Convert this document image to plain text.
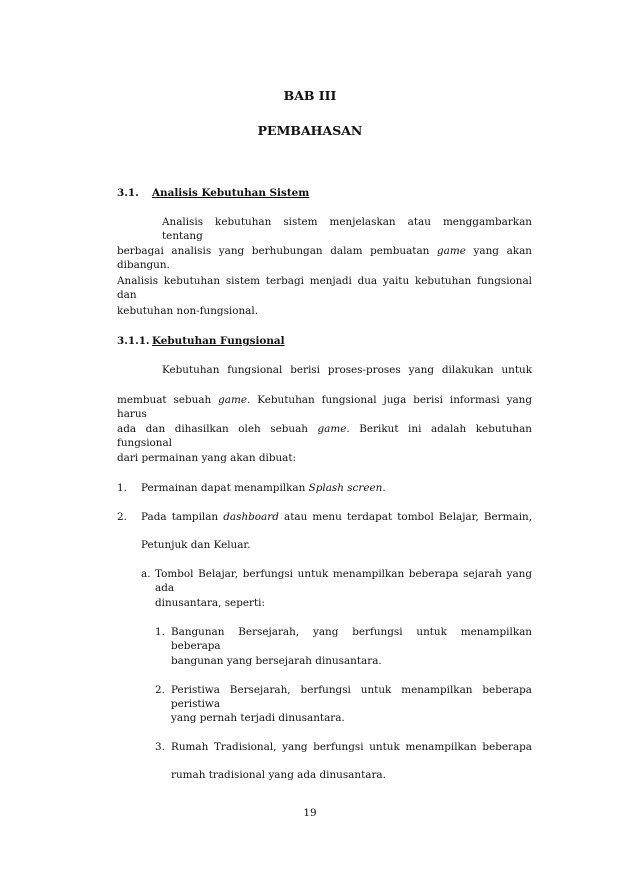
BAB III
PEMBAHASAN
3.1. Analisis Kebutuhan Sistem
Analisis kebutuhan sistem menjelaskan atau menggambarkan tentang
berbagai analisis yang berhubungan dalam pembuatan game yang akan dibangun.
Analisis kebutuhan sistem terbagi menjadi dua yaitu kebutuhan fungsional dan
kebutuhan non-fungsional.
3.1.1. Kebutuhan Fungsional
Kebutuhan fungsional berisi proses-proses yang dilakukan untuk
membuat sebuah game. Kebutuhan fungsional juga berisi informasi yang harus
ada dan dihasilkan oleh sebuah game. Berikut ini adalah kebutuhan fungsional
dari permainan yang akan dibuat:
1. Permainan dapat menampilkan Splash screen.
2. Pada tampilan dashboard atau menu terdapat tombol Belajar, Bermain,
Petunjuk dan Keluar.
a. Tombol Belajar, berfungsi untuk menampilkan beberapa sejarah yang ada
dinusantara, seperti:
1. Bangunan Bersejarah, yang berfungsi untuk menampilkan beberapa
bangunan yang bersejarah dinusantara.
2. Peristiwa Bersejarah, berfungsi untuk menampilkan beberapa peristiwa
yang pernah terjadi dinusantara.
3. Rumah Tradisional, yang berfungsi untuk menampilkan beberapa
rumah tradisional yang ada dinusantara.
19
